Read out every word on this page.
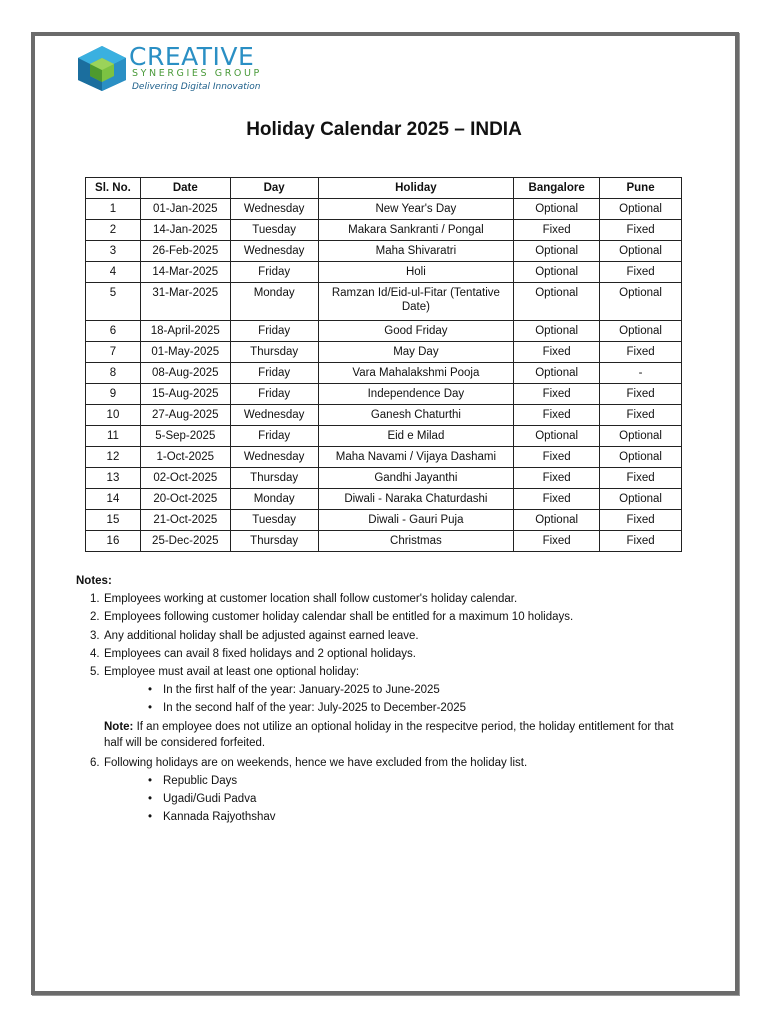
CREATIVE
SYNERGIES GROUP
Delivering Digital Innovation
Holiday Calendar 2025 – INDIA
Sl. No.	Date	Day	Holiday	Bangalore	Pune
1	01-Jan-2025	Wednesday	New Year's Day	Optional	Optional
2	14-Jan-2025	Tuesday	Makara Sankranti / Pongal	Fixed	Fixed
3	26-Feb-2025	Wednesday	Maha Shivaratri	Optional	Optional
4	14-Mar-2025	Friday	Holi	Optional	Fixed
5	31-Mar-2025	Monday	Ramzan Id/Eid-ul-Fitar (Tentative Date)	Optional	Optional
6	18-April-2025	Friday	Good Friday	Optional	Optional
7	01-May-2025	Thursday	May Day	Fixed	Fixed
8	08-Aug-2025	Friday	Vara Mahalakshmi Pooja	Optional	-
9	15-Aug-2025	Friday	Independence Day	Fixed	Fixed
10	27-Aug-2025	Wednesday	Ganesh Chaturthi	Fixed	Fixed
11	5-Sep-2025	Friday	Eid e Milad	Optional	Optional
12	1-Oct-2025	Wednesday	Maha Navami / Vijaya Dashami	Fixed	Optional
13	02-Oct-2025	Thursday	Gandhi Jayanthi	Fixed	Fixed
14	20-Oct-2025	Monday	Diwali - Naraka Chaturdashi	Fixed	Optional
15	21-Oct-2025	Tuesday	Diwali - Gauri Puja	Optional	Fixed
16	25-Dec-2025	Thursday	Christmas	Fixed	Fixed
Notes:
1. Employees working at customer location shall follow customer's holiday calendar.
2. Employees following customer holiday calendar shall be entitled for a maximum 10 holidays.
3. Any additional holiday shall be adjusted against earned leave.
4. Employees can avail 8 fixed holidays and 2 optional holidays.
5. Employee must avail at least one optional holiday:
• In the first half of the year: January-2025 to June-2025
• In the second half of the year: July-2025 to December-2025
Note: If an employee does not utilize an optional holiday in the respecitve period, the holiday entitlement for that half will be considered forfeited.
6. Following holidays are on weekends, hence we have excluded from the holiday list.
• Republic Days
• Ugadi/Gudi Padva
• Kannada Rajyothshav
